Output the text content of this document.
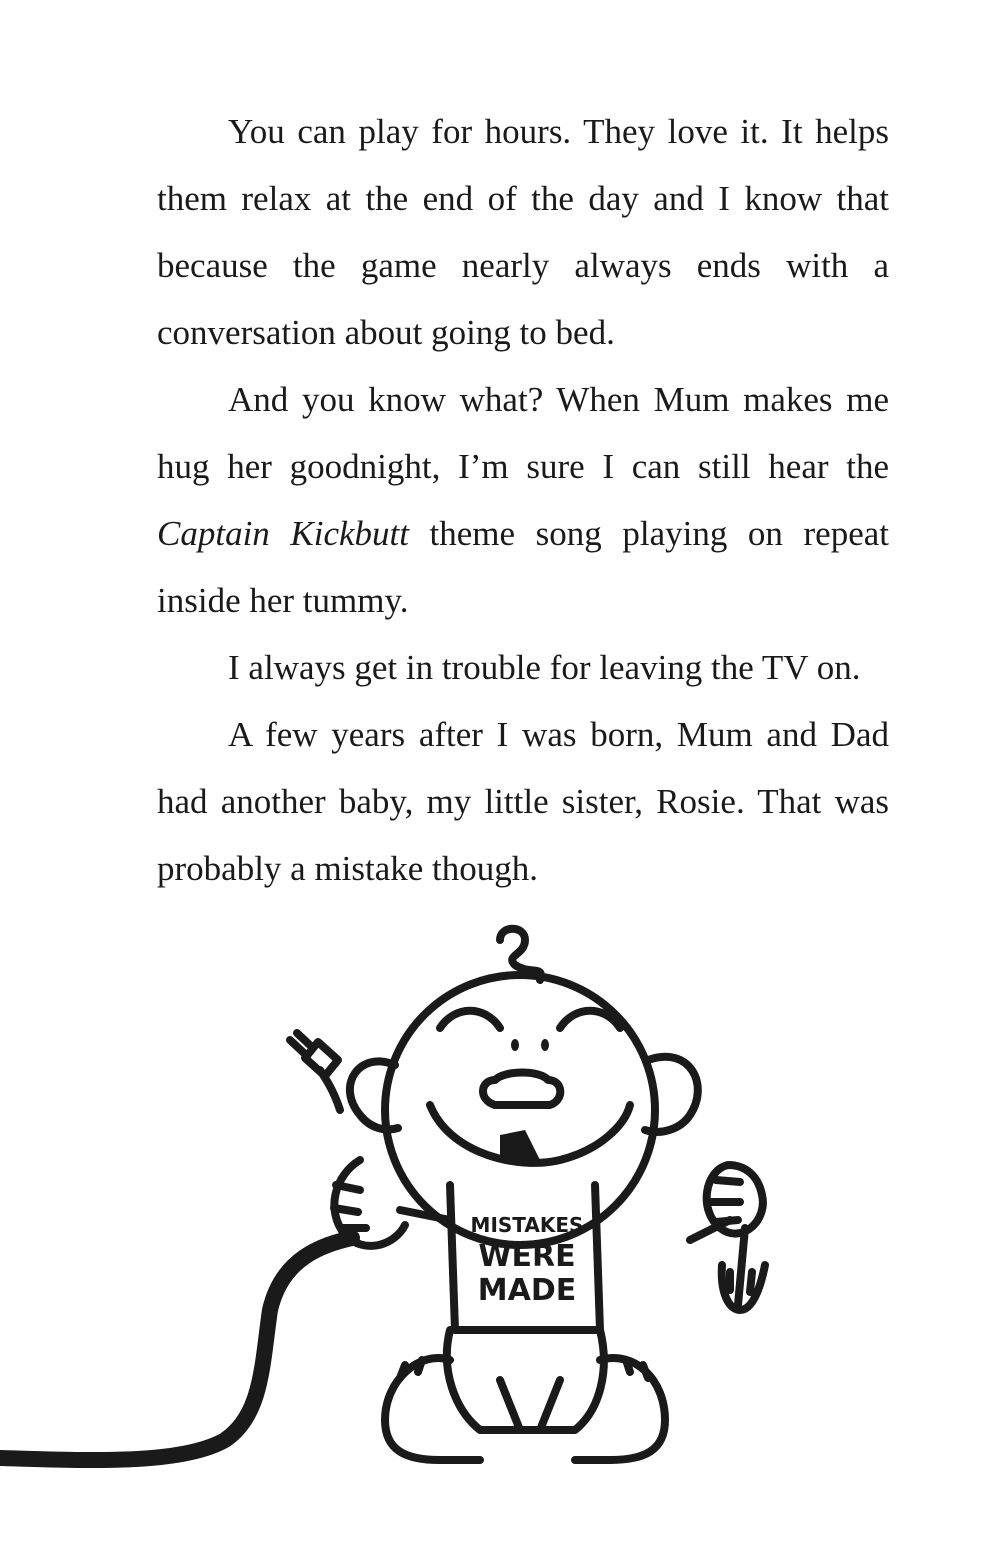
You can play for hours. They love it. It helps them relax at the end of the day and I know that because the game nearly always ends with a conversation about going to bed.

And you know what? When Mum makes me hug her goodnight, I’m sure I can still hear the Captain Kickbutt theme song playing on repeat inside her tummy.

I always get in trouble for leaving the TV on.

A few years after I was born, Mum and Dad had another baby, my little sister, Rosie. That was probably a mistake though.

MISTAKES
WERE
MADE
